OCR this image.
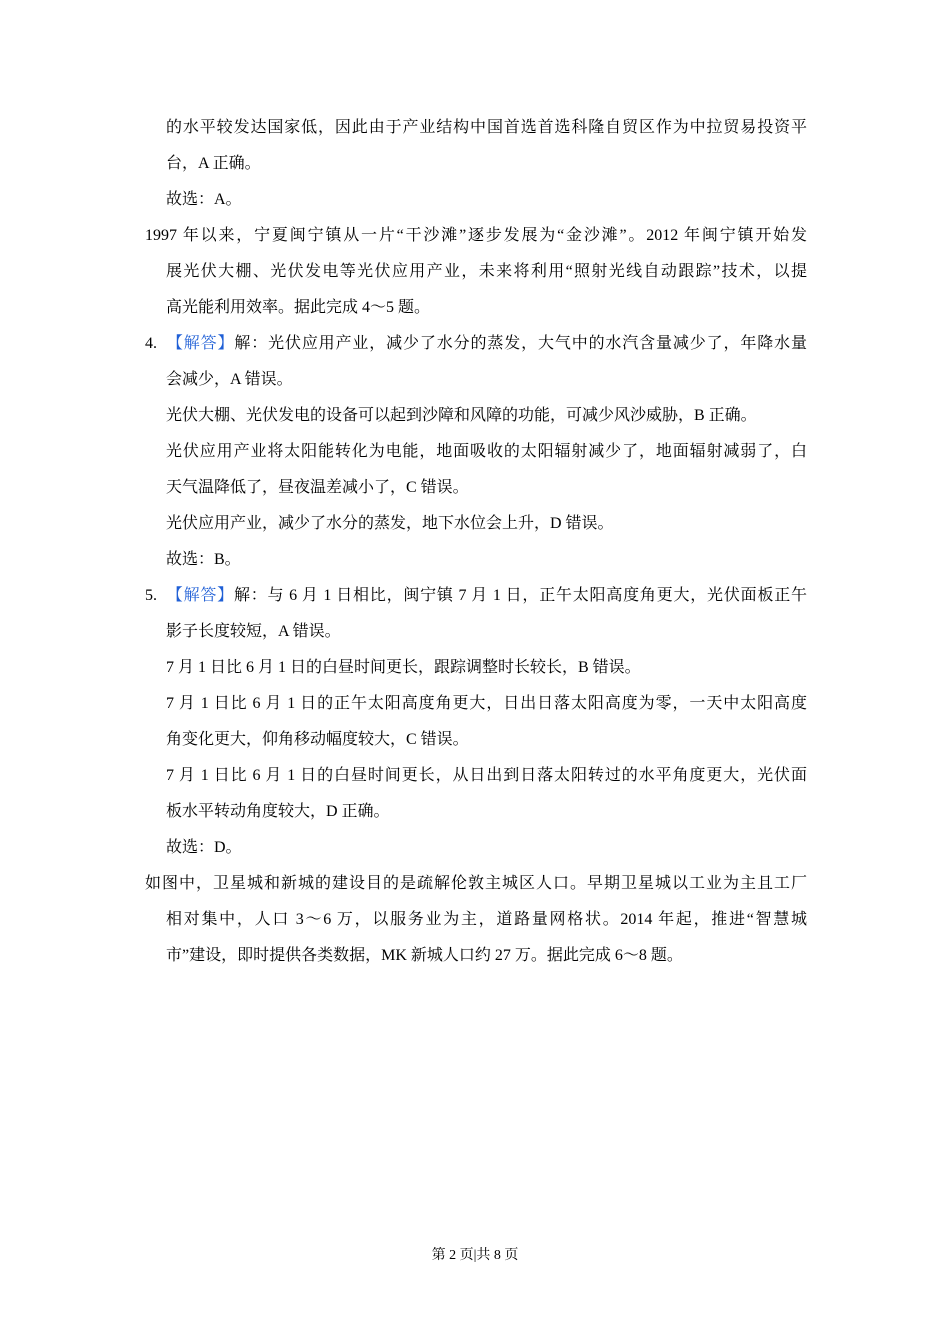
的水平较发达国家低，因此由于产业结构中国首选首选科隆自贸区作为中拉贸易投资平
台，A 正确。
故选：A。
1997 年以来，宁夏闽宁镇从一片“干沙滩”逐步发展为“金沙滩”。2012 年闽宁镇开始发
展光伏大棚、光伏发电等光伏应用产业，未来将利用“照射光线自动跟踪”技术，以提
高光能利用效率。据此完成 4～5 题。
4. 【解答】解：光伏应用产业，减少了水分的蒸发，大气中的水汽含量减少了，年降水量
会减少，A 错误。
光伏大棚、光伏发电的设备可以起到沙障和风障的功能，可减少风沙威胁，B 正确。
光伏应用产业将太阳能转化为电能，地面吸收的太阳辐射减少了，地面辐射减弱了，白
天气温降低了，昼夜温差减小了，C 错误。
光伏应用产业，减少了水分的蒸发，地下水位会上升，D 错误。
故选：B。
5. 【解答】解：与 6 月 1 日相比，闽宁镇 7 月 1 日，正午太阳高度角更大，光伏面板正午
影子长度较短，A 错误。
7 月 1 日比 6 月 1 日的白昼时间更长，跟踪调整时长较长，B 错误。
7 月 1 日比 6 月 1 日的正午太阳高度角更大，日出日落太阳高度为零，一天中太阳高度
角变化更大，仰角移动幅度较大，C 错误。
7 月 1 日比 6 月 1 日的白昼时间更长，从日出到日落太阳转过的水平角度更大，光伏面
板水平转动角度较大，D 正确。
故选：D。
如图中，卫星城和新城的建设目的是疏解伦敦主城区人口。早期卫星城以工业为主且工厂
相对集中，人口 3～6 万，以服务业为主，道路量网格状。2014 年起，推进“智慧城
市”建设，即时提供各类数据，MK 新城人口约 27 万。据此完成 6～8 题。
第 2 页|共 8 页
